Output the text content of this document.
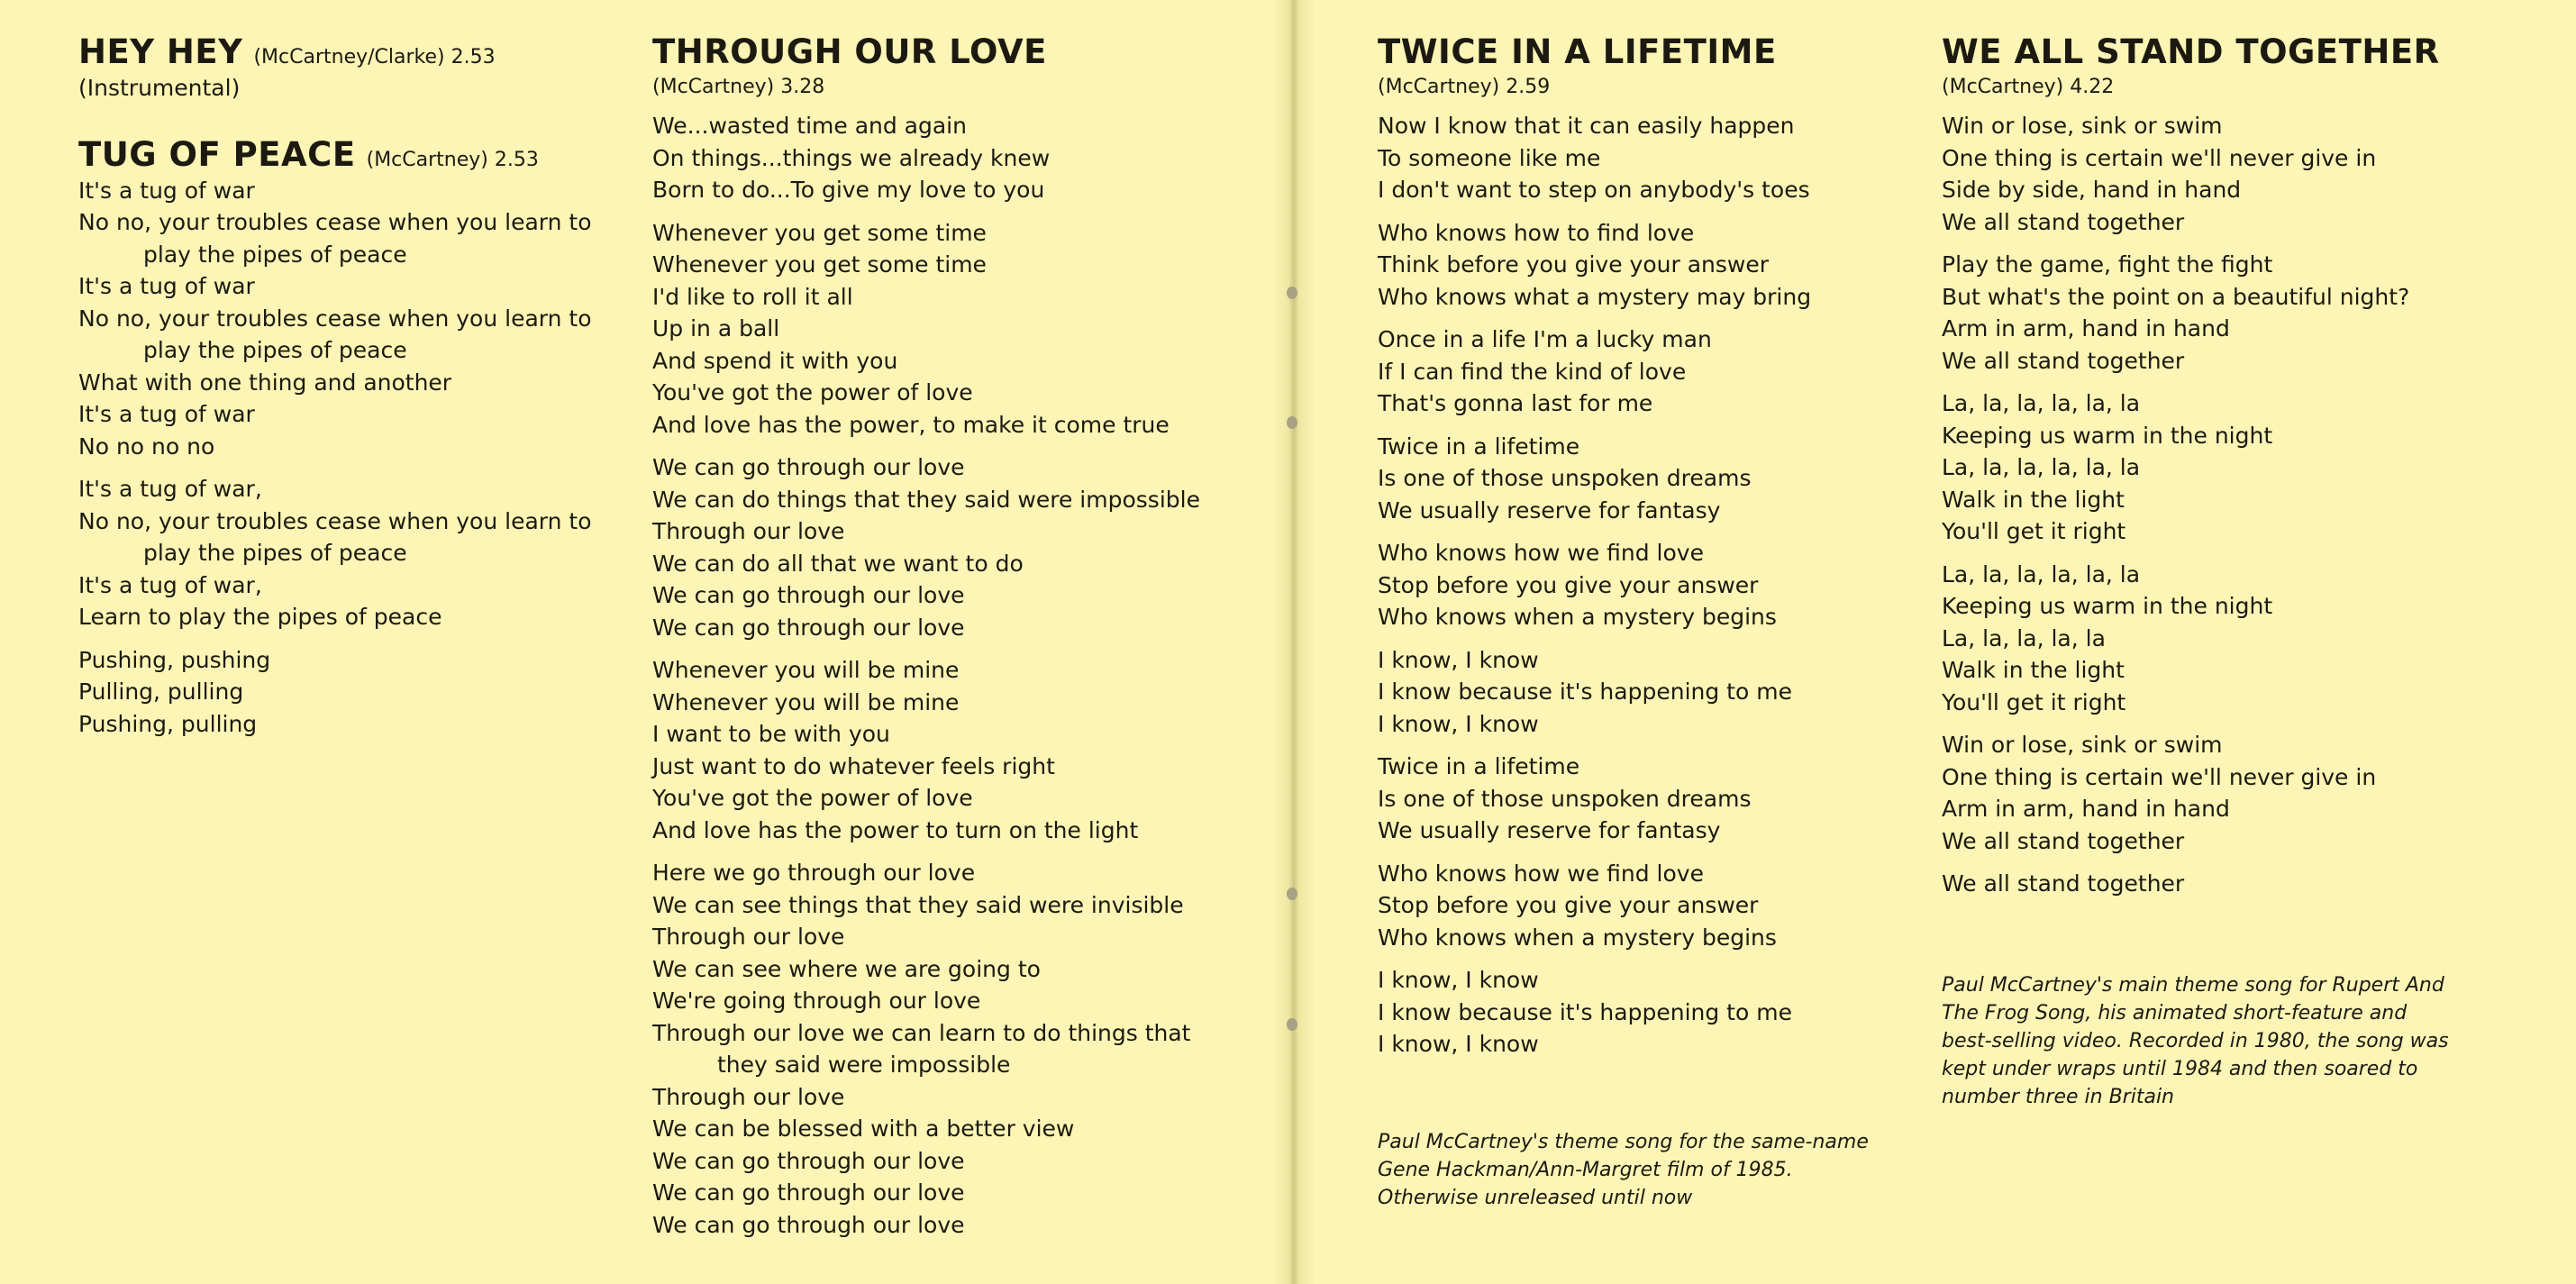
HEY HEY (McCartney/Clarke) 2.53
(Instrumental)
TUG OF PEACE (McCartney) 2.53
It's a tug of war
No no, your troubles cease when you learn to
play the pipes of peace
It's a tug of war
No no, your troubles cease when you learn to
play the pipes of peace
What with one thing and another
It's a tug of war
No no no no
It's a tug of war,
No no, your troubles cease when you learn to
play the pipes of peace
It's a tug of war,
Learn to play the pipes of peace
Pushing, pushing
Pulling, pulling
Pushing, pulling
THROUGH OUR LOVE
(McCartney) 3.28
We...wasted time and again
On things...things we already knew
Born to do...To give my love to you
Whenever you get some time
Whenever you get some time
I'd like to roll it all
Up in a ball
And spend it with you
You've got the power of love
And love has the power, to make it come true
We can go through our love
We can do things that they said were impossible
Through our love
We can do all that we want to do
We can go through our love
We can go through our love
Whenever you will be mine
Whenever you will be mine
I want to be with you
Just want to do whatever feels right
You've got the power of love
And love has the power to turn on the light
Here we go through our love
We can see things that they said were invisible
Through our love
We can see where we are going to
We're going through our love
Through our love we can learn to do things that
they said were impossible
Through our love
We can be blessed with a better view
We can go through our love
We can go through our love
We can go through our love
TWICE IN A LIFETIME
(McCartney) 2.59
Now I know that it can easily happen
To someone like me
I don't want to step on anybody's toes
Who knows how to find love
Think before you give your answer
Who knows what a mystery may bring
Once in a life I'm a lucky man
If I can find the kind of love
That's gonna last for me
Twice in a lifetime
Is one of those unspoken dreams
We usually reserve for fantasy
Who knows how we find love
Stop before you give your answer
Who knows when a mystery begins
I know, I know
I know because it's happening to me
I know, I know
Twice in a lifetime
Is one of those unspoken dreams
We usually reserve for fantasy
Who knows how we find love
Stop before you give your answer
Who knows when a mystery begins
I know, I know
I know because it's happening to me
I know, I know
WE ALL STAND TOGETHER
(McCartney) 4.22
Win or lose, sink or swim
One thing is certain we'll never give in
Side by side, hand in hand
We all stand together
Play the game, fight the fight
But what's the point on a beautiful night?
Arm in arm, hand in hand
We all stand together
La, la, la, la, la, la
Keeping us warm in the night
La, la, la, la, la, la
Walk in the light
You'll get it right
La, la, la, la, la, la
Keeping us warm in the night
La, la, la, la, la
Walk in the light
You'll get it right
Win or lose, sink or swim
One thing is certain we'll never give in
Arm in arm, hand in hand
We all stand together
We all stand together
Paul McCartney's theme song for the same-name
Gene Hackman/Ann-Margret film of 1985.
Otherwise unreleased until now
Paul McCartney's main theme song for Rupert And
The Frog Song, his animated short-feature and
best-selling video. Recorded in 1980, the song was
kept under wraps until 1984 and then soared to
number three in Britain
